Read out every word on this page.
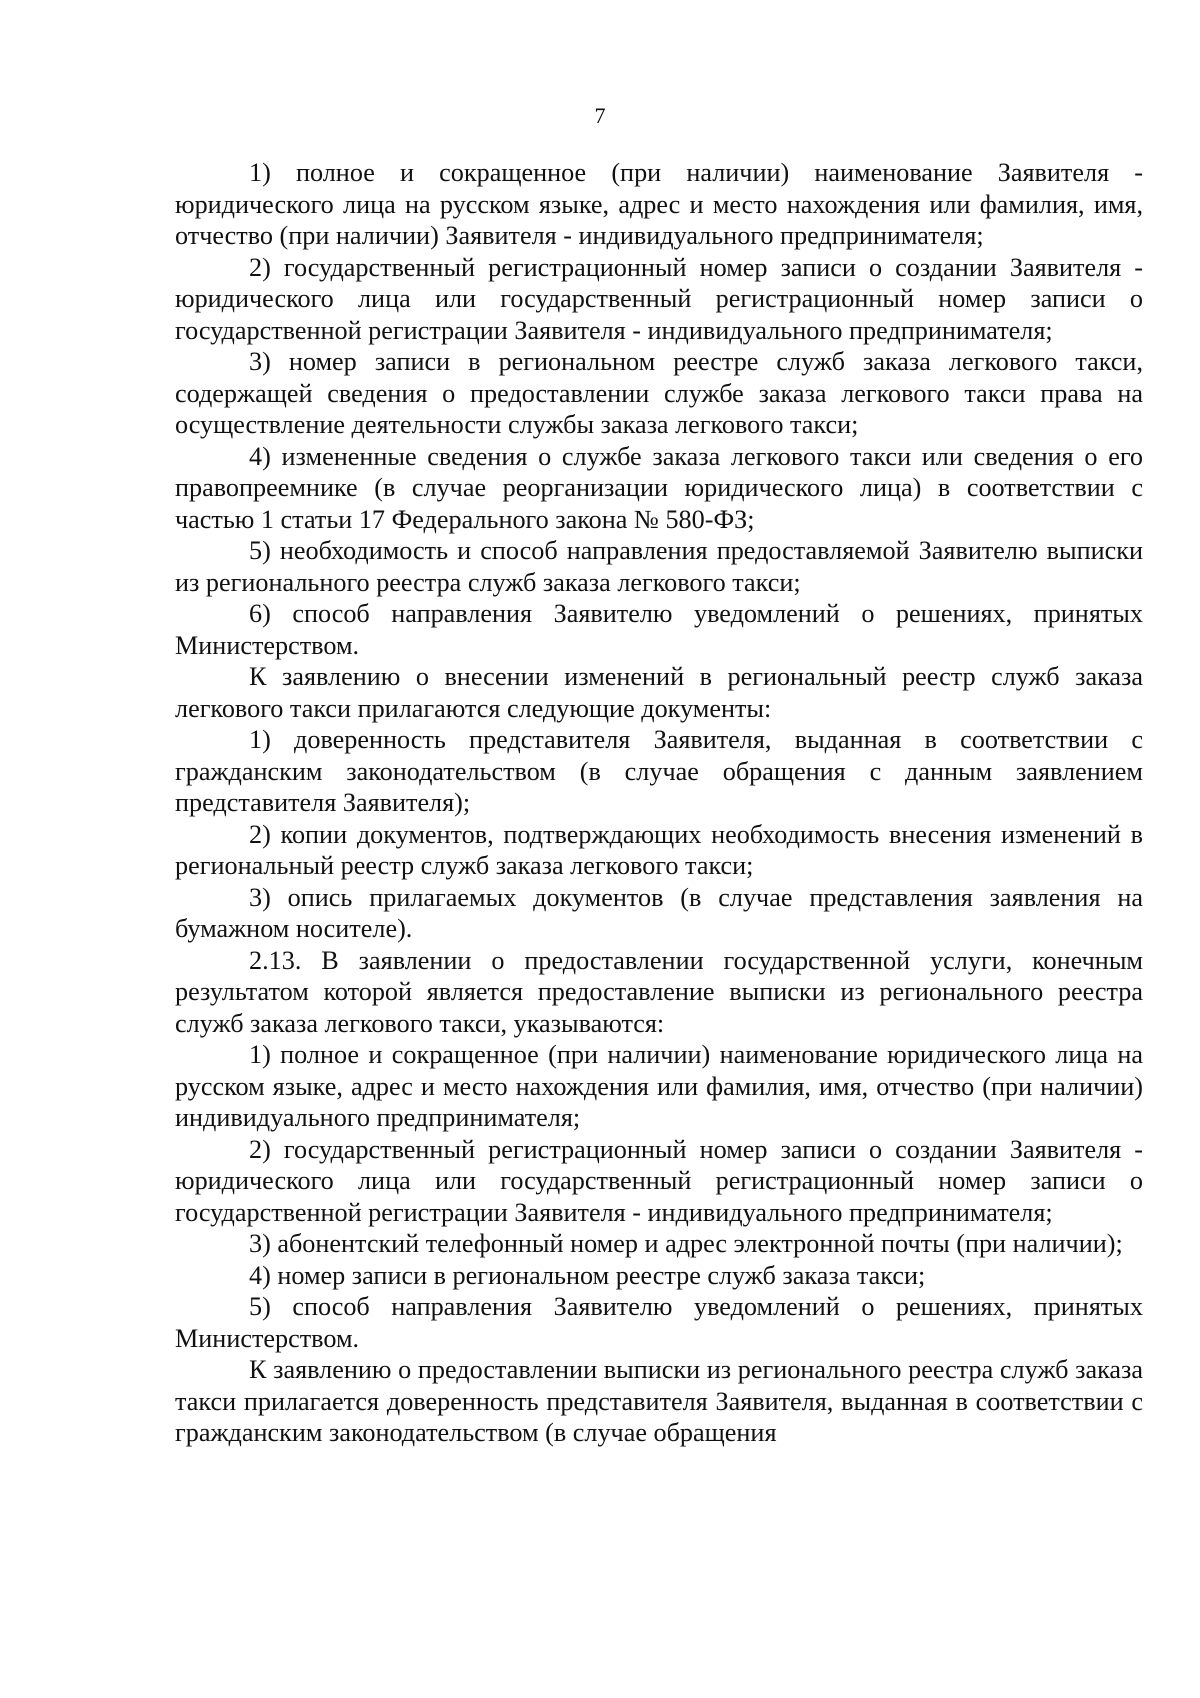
7

1) полное и сокращенное (при наличии) наименование Заявителя - юридического лица на русском языке, адрес и место нахождения или фамилия, имя, отчество (при наличии) Заявителя - индивидуального предпринимателя;

2) государственный регистрационный номер записи о создании Заявителя - юридического лица или государственный регистрационный номер записи о государственной регистрации Заявителя - индивидуального предпринимателя;

3) номер записи в региональном реестре служб заказа легкового такси, содержащей сведения о предоставлении службе заказа легкового такси права на осуществление деятельности службы заказа легкового такси;

4) измененные сведения о службе заказа легкового такси или сведения о его правопреемнике (в случае реорганизации юридического лица) в соответствии с частью 1 статьи 17 Федерального закона № 580-ФЗ;

5) необходимость и способ направления предоставляемой Заявителю выписки из регионального реестра служб заказа легкового такси;

6) способ направления Заявителю уведомлений о решениях, принятых Министерством.

К заявлению о внесении изменений в региональный реестр служб заказа легкового такси прилагаются следующие документы:

1) доверенность представителя Заявителя, выданная в соответствии с гражданским законодательством (в случае обращения с данным заявлением представителя Заявителя);

2) копии документов, подтверждающих необходимость внесения изменений в региональный реестр служб заказа легкового такси;

3) опись прилагаемых документов (в случае представления заявления на бумажном носителе).

2.13. В заявлении о предоставлении государственной услуги, конечным результатом которой является предоставление выписки из регионального реестра служб заказа легкового такси, указываются:

1) полное и сокращенное (при наличии) наименование юридического лица на русском языке, адрес и место нахождения или фамилия, имя, отчество (при наличии) индивидуального предпринимателя;

2) государственный регистрационный номер записи о создании Заявителя - юридического лица или государственный регистрационный номер записи о государственной регистрации Заявителя - индивидуального предпринимателя;

3) абонентский телефонный номер и адрес электронной почты (при наличии);

4) номер записи в региональном реестре служб заказа такси;

5) способ направления Заявителю уведомлений о решениях, принятых Министерством.

К заявлению о предоставлении выписки из регионального реестра служб заказа такси прилагается доверенность представителя Заявителя, выданная в соответствии с гражданским законодательством (в случае обращения
